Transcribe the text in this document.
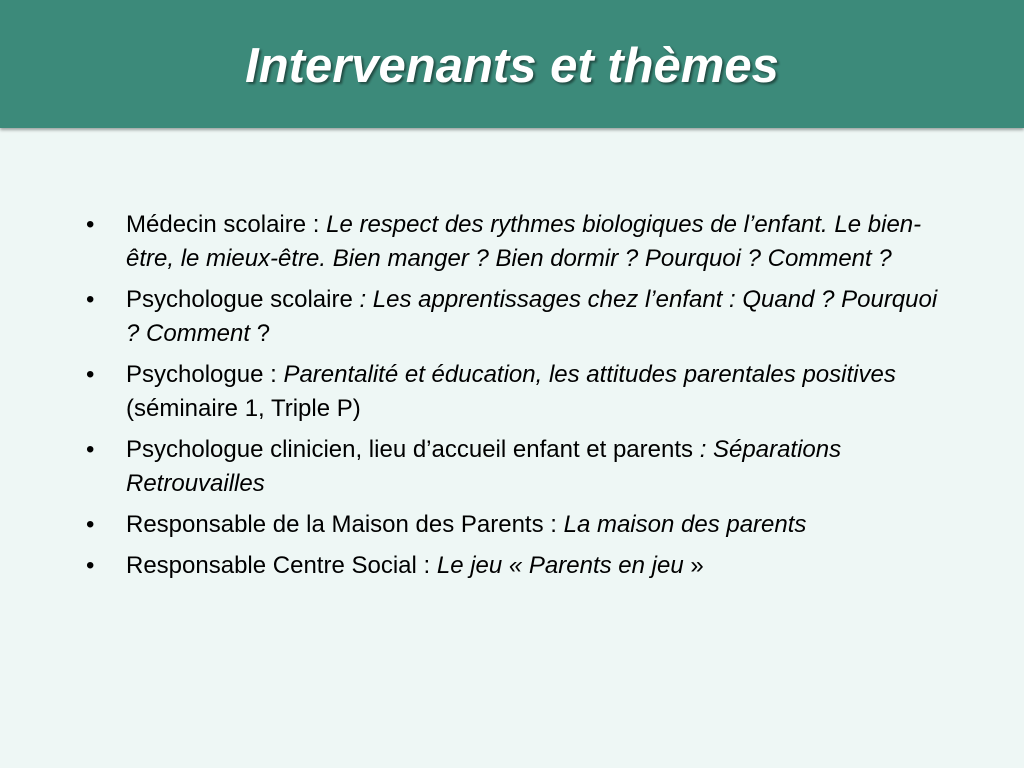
Intervenants et thèmes
• Médecin scolaire : Le respect des rythmes biologiques de l’enfant. Le bien-être, le mieux-être. Bien manger ? Bien dormir ? Pourquoi ? Comment ?
• Psychologue scolaire : Les apprentissages chez l’enfant : Quand ? Pourquoi ? Comment ?
• Psychologue : Parentalité et éducation, les attitudes parentales positives (séminaire 1, Triple P)
• Psychologue clinicien, lieu d’accueil enfant et parents : Séparations Retrouvailles
• Responsable de la Maison des Parents : La maison des parents
• Responsable Centre Social : Le jeu « Parents en jeu »
